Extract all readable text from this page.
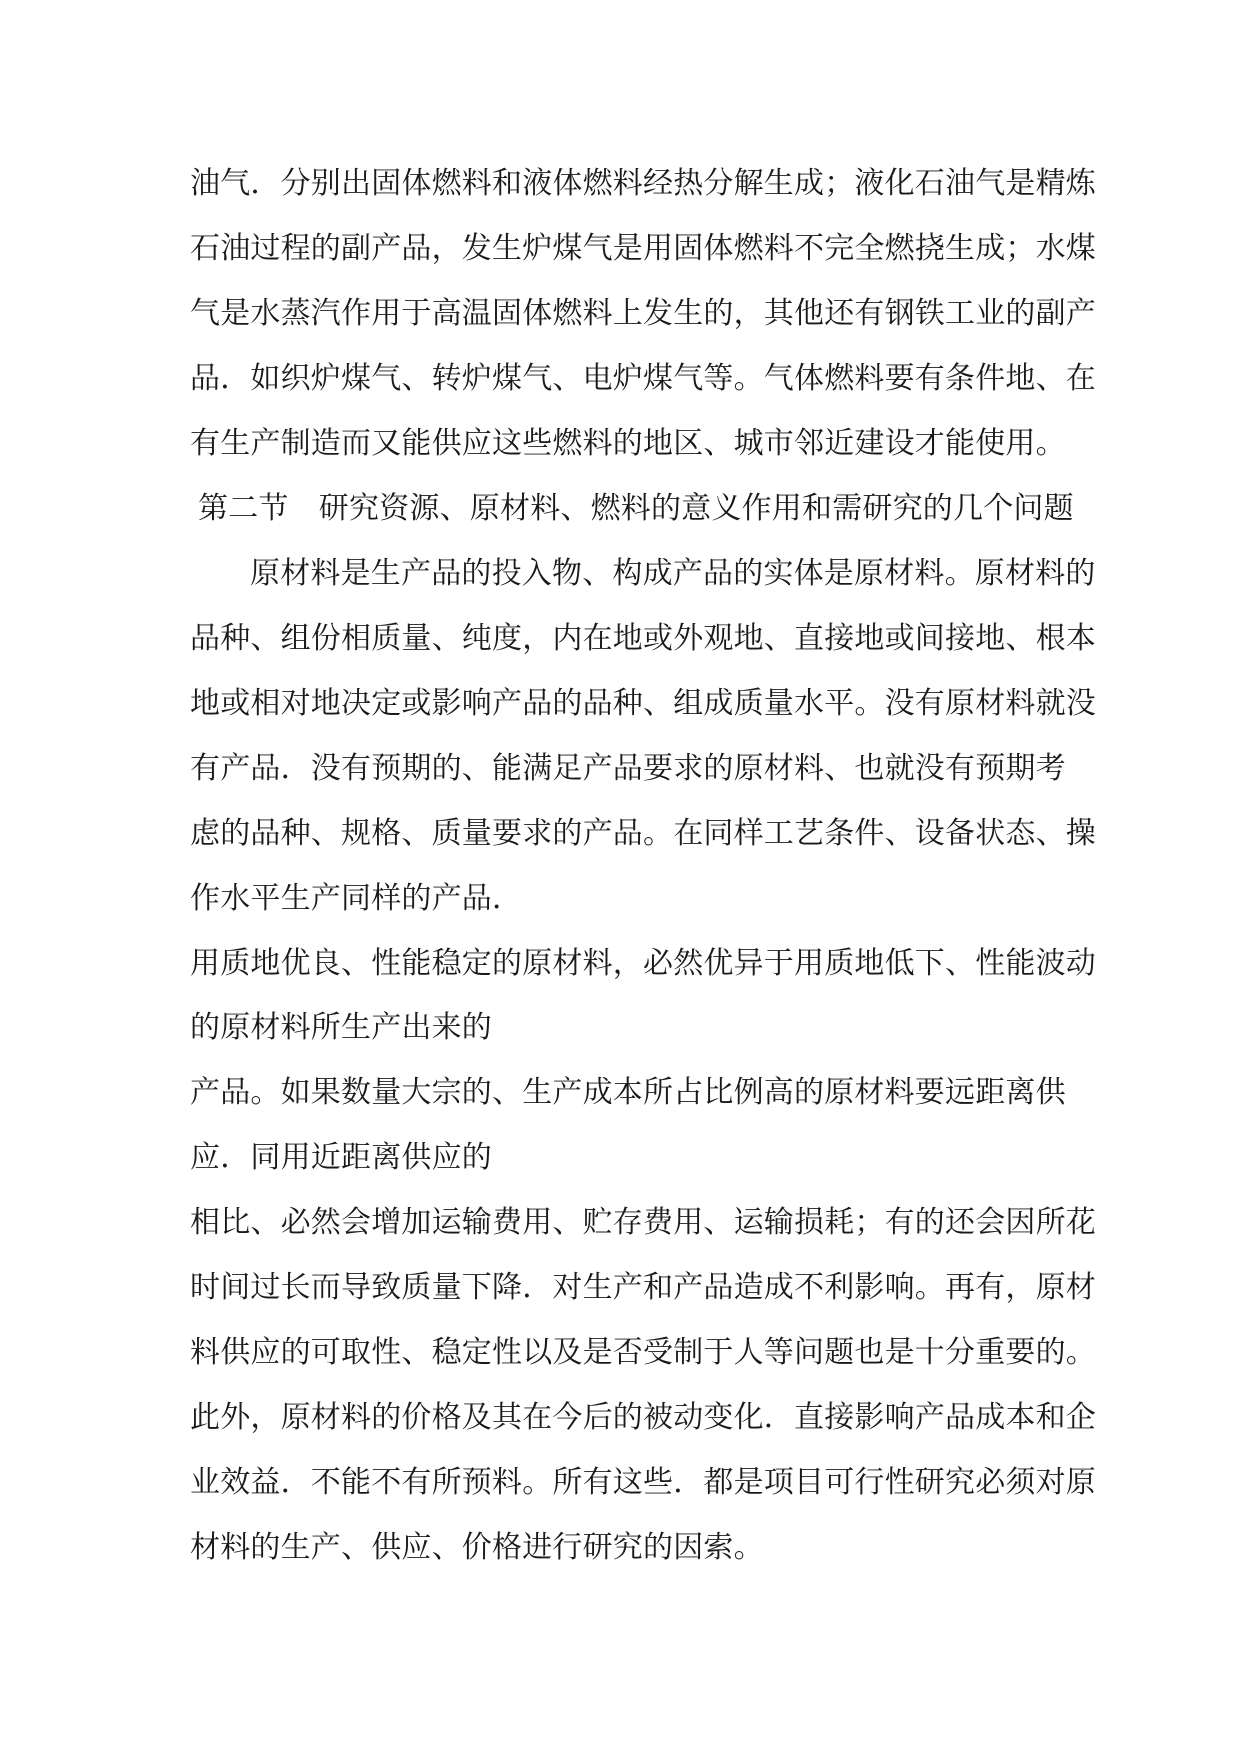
油气．分别出固体燃料和液体燃料经热分解生成；液化石油气是精炼
石油过程的副产品，发生炉煤气是用固体燃料不完全燃挠生成；水煤
气是水蒸汽作用于高温固体燃料上发生的，其他还有钢铁工业的副产
品．如织炉煤气、转炉煤气、电炉煤气等。气体燃料要有条件地、在
有生产制造而又能供应这些燃料的地区、城市邻近建设才能使用。
第二节　研究资源、原材料、燃料的意义作用和需研究的几个问题
原材料是生产品的投入物、构成产品的实体是原材料。原材料的
品种、组份相质量、纯度，内在地或外观地、直接地或间接地、根本
地或相对地决定或影响产品的品种、组成质量水平。没有原材料就没
有产品．没有预期的、能满足产品要求的原材料、也就没有预期考
虑的品种、规格、质量要求的产品。在同样工艺条件、设备状态、操
作水平生产同样的产品．
用质地优良、性能稳定的原材料，必然优异于用质地低下、性能波动
的原材料所生产出来的
产品。如果数量大宗的、生产成本所占比例高的原材料要远距离供
应．同用近距离供应的
相比、必然会增加运输费用、贮存费用、运输损耗；有的还会因所花
时间过长而导致质量下降．对生产和产品造成不利影响。再有，原材
料供应的可取性、稳定性以及是否受制于人等问题也是十分重要的。
此外，原材料的价格及其在今后的被动变化．直接影响产品成本和企
业效益．不能不有所预料。所有这些．都是项目可行性研究必须对原
材料的生产、供应、价格进行研究的因索。
